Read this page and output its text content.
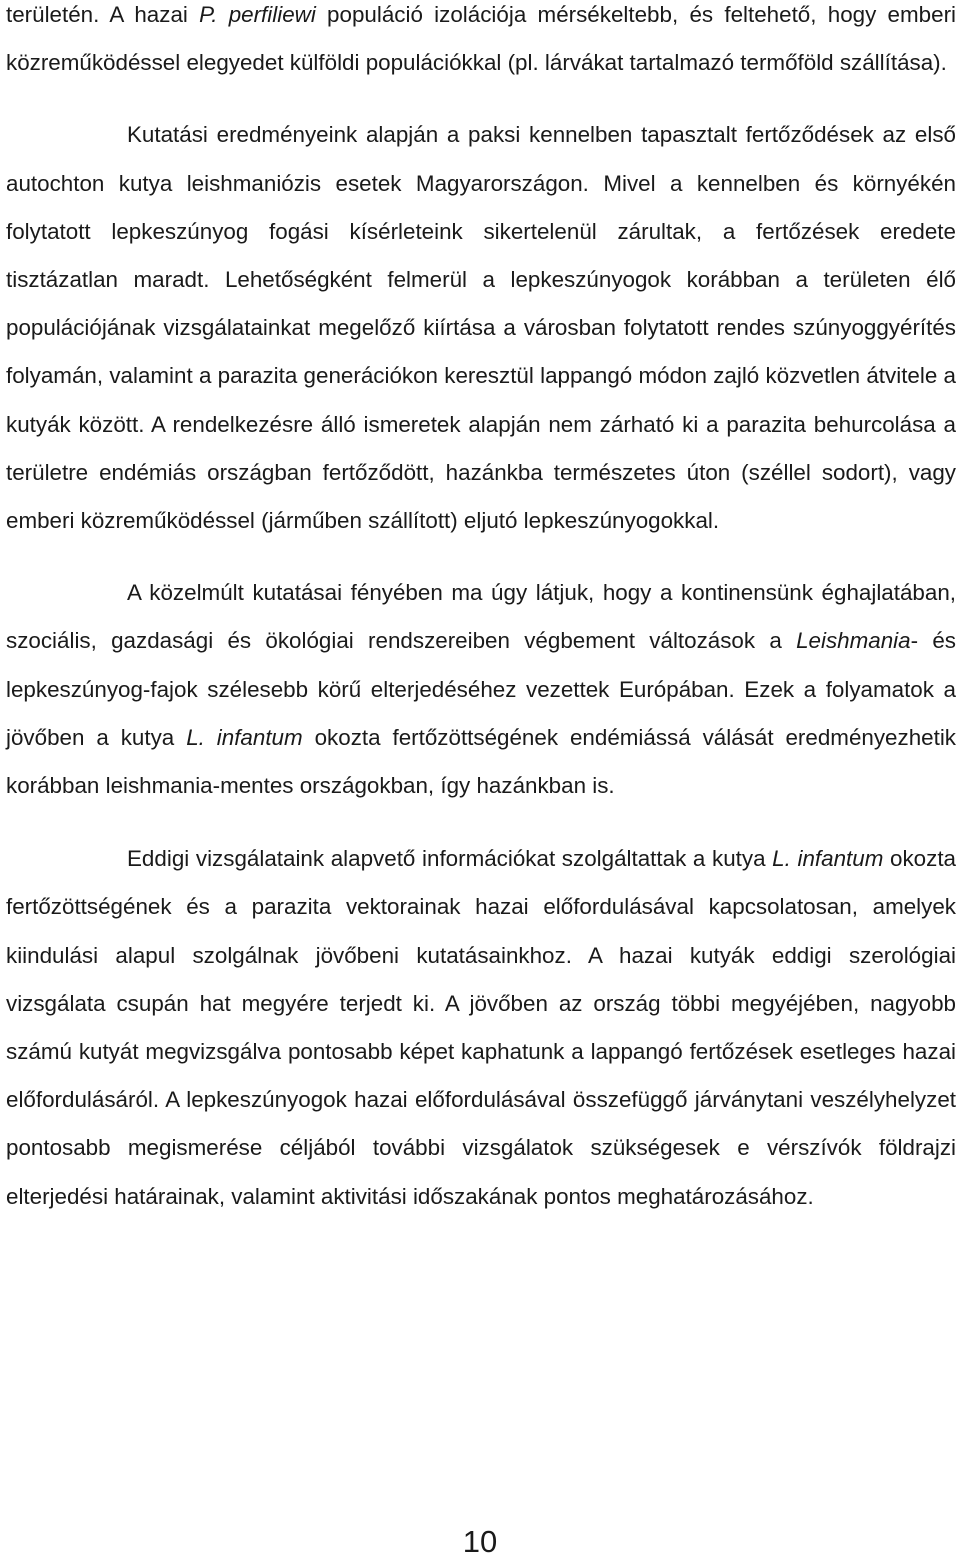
területén. A hazai P. perfiliewi populáció izolációja mérsékeltebb, és feltehető, hogy emberi közreműködéssel elegyedet külföldi populációkkal (pl. lárvákat tartalmazó termőföld szállítása).

Kutatási eredményeink alapján a paksi kennelben tapasztalt fertőződések az első autochton kutya leishmaniózis esetek Magyarországon. Mivel a kennelben és környékén folytatott lepkeszúnyog fogási kísérleteink sikertelenül zárultak, a fertőzések eredete tisztázatlan maradt. Lehetőségként felmerül a lepkeszúnyogok korábban a területen élő populációjának vizsgálatainkat megelőző kiírtása a városban folytatott rendes szúnyoggyérítés folyamán, valamint a parazita generációkon keresztül lappangó módon zajló közvetlen átvitele a kutyák között. A rendelkezésre álló ismeretek alapján nem zárható ki a parazita behurcolása a területre endémiás országban fertőződött, hazánkba természetes úton (széllel sodort), vagy emberi közreműködéssel (járműben szállított) eljutó lepkeszúnyogokkal.

A közelmúlt kutatásai fényében ma úgy látjuk, hogy a kontinensünk éghajlatában, szociális, gazdasági és ökológiai rendszereiben végbement változások a Leishmania- és lepkeszúnyog-fajok szélesebb körű elterjedéséhez vezettek Európában. Ezek a folyamatok a jövőben a kutya L. infantum okozta fertőzöttségének endémiássá válását eredményezhetik korábban leishmania-mentes országokban, így hazánkban is.

Eddigi vizsgálataink alapvető információkat szolgáltattak a kutya L. infantum okozta fertőzöttségének és a parazita vektorainak hazai előfordulásával kapcsolatosan, amelyek kiindulási alapul szolgálnak jövőbeni kutatásainkhoz. A hazai kutyák eddigi szerológiai vizsgálata csupán hat megyére terjedt ki. A jövőben az ország többi megyéjében, nagyobb számú kutyát megvizsgálva pontosabb képet kaphatunk a lappangó fertőzések esetleges hazai előfordulásáról. A lepkeszúnyogok hazai előfordulásával összefüggő járványtani veszélyhelyzet pontosabb megismerése céljából további vizsgálatok szükségesek e vérszívók földrajzi elterjedési határainak, valamint aktivitási időszakának pontos meghatározásához.

10
